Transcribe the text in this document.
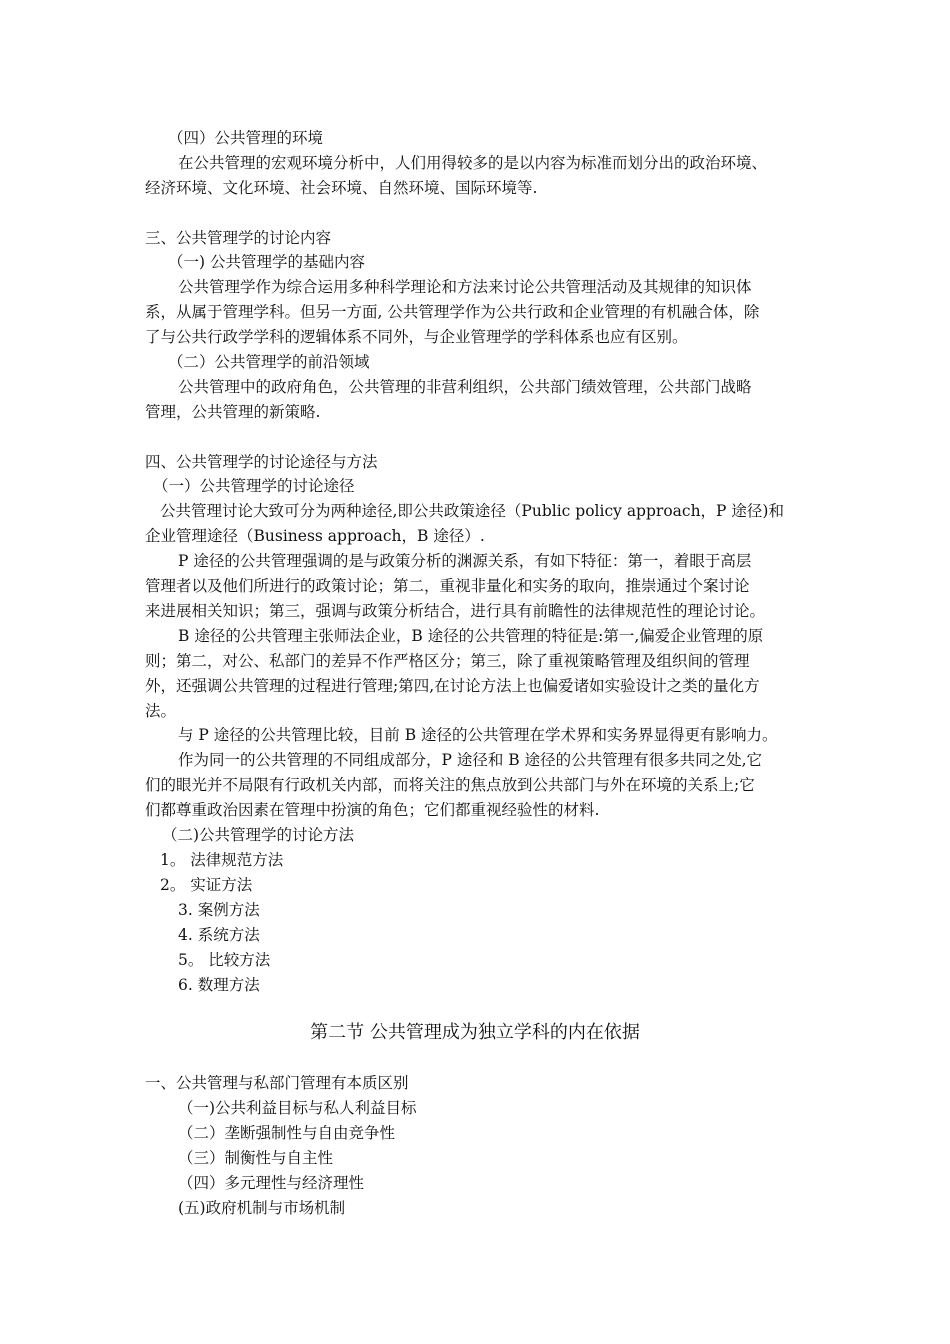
（四）公共管理的环境
在公共管理的宏观环境分析中，人们用得较多的是以内容为标准而划分出的政治环境、
经济环境、文化环境、社会环境、自然环境、国际环境等.
三、公共管理学的讨论内容
（一) 公共管理学的基础内容
公共管理学作为综合运用多种科学理论和方法来讨论公共管理活动及其规律的知识体
系，从属于管理学科。但另一方面, 公共管理学作为公共行政和企业管理的有机融合体，除
了与公共行政学学科的逻辑体系不同外，与企业管理学的学科体系也应有区别。
（二）公共管理学的前沿领域
公共管理中的政府角色，公共管理的非营利组织，公共部门绩效管理，公共部门战略
管理，公共管理的新策略.
四、公共管理学的讨论途径与方法
（一）公共管理学的讨论途径
公共管理讨论大致可分为两种途径,即公共政策途径（Public policy approach，P 途径)和
企业管理途径（Business approach，B 途径）.
P 途径的公共管理强调的是与政策分析的渊源关系，有如下特征：第一，着眼于高层
管理者以及他们所进行的政策讨论；第二，重视非量化和实务的取向，推崇通过个案讨论
来进展相关知识；第三，强调与政策分析结合，进行具有前瞻性的法律规范性的理论讨论。
B 途径的公共管理主张师法企业，B 途径的公共管理的特征是:第一,偏爱企业管理的原
则；第二，对公、私部门的差异不作严格区分；第三，除了重视策略管理及组织间的管理
外，还强调公共管理的过程进行管理;第四,在讨论方法上也偏爱诸如实验设计之类的量化方
法。
与 P 途径的公共管理比较，目前 B 途径的公共管理在学术界和实务界显得更有影响力。
作为同一的公共管理的不同组成部分，P 途径和 B 途径的公共管理有很多共同之处,它
们的眼光并不局限有行政机关内部，而将关注的焦点放到公共部门与外在环境的关系上;它
们都尊重政治因素在管理中扮演的角色；它们都重视经验性的材料.
（二)公共管理学的讨论方法
1。 法律规范方法
2。 实证方法
3. 案例方法
4. 系统方法
5。 比较方法
6. 数理方法
第二节 公共管理成为独立学科的内在依据
一、公共管理与私部门管理有本质区别
（一)公共利益目标与私人利益目标
（二）垄断强制性与自由竞争性
（三）制衡性与自主性
（四）多元理性与经济理性
(五)政府机制与市场机制
